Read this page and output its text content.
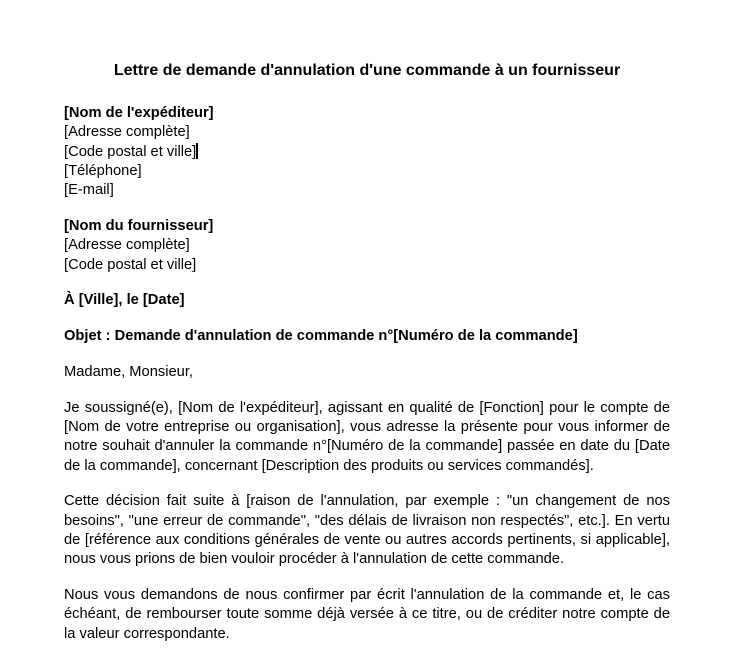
Lettre de demande d'annulation d'une commande à un fournisseur
[Nom de l'expéditeur]
[Adresse complète]
[Code postal et ville]
[Téléphone]
[E-mail]
[Nom du fournisseur]
[Adresse complète]
[Code postal et ville]
À [Ville], le [Date]
Objet : Demande d'annulation de commande n°[Numéro de la commande]
Madame, Monsieur,

Je soussigné(e), [Nom de l'expéditeur], agissant en qualité de [Fonction] pour le compte de [Nom de votre entreprise ou organisation], vous adresse la présente pour vous informer de notre souhait d'annuler la commande n°[Numéro de la commande] passée en date du [Date de la commande], concernant [Description des produits ou services commandés].

Cette décision fait suite à [raison de l'annulation, par exemple : "un changement de nos besoins", "une erreur de commande", "des délais de livraison non respectés", etc.]. En vertu de [référence aux conditions générales de vente ou autres accords pertinents, si applicable], nous vous prions de bien vouloir procéder à l'annulation de cette commande.

Nous vous demandons de nous confirmer par écrit l'annulation de la commande et, le cas échéant, de rembourser toute somme déjà versée à ce titre, ou de créditer notre compte de la valeur correspondante.
